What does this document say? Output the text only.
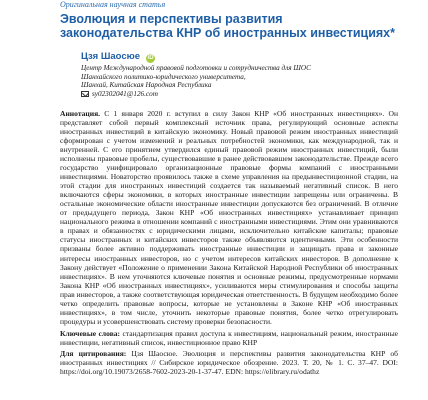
Оригинальная научная статья
Эволюция и перспективы развития законодательства КНР об иностранных инвестициях*
Цзя Шаосюе iD
Центр Международной правовой подготовки и сотрудничества для ШОС
Шанхайского политико-юридического университета,
Шанхай, Китайская Народная Республика
sy02302041@126.com
Аннотация. С 1 января 2020 г. вступил в силу Закон КНР «Об иностранных инвестициях». Он представляет собой первый комплексный источник права, регулирующий основные аспекты иностранных инвестиций в китайскую экономику. Новый правовой режим иностранных инвестиций сформирован с учетом изменений и реальных потребностей экономики, как международной, так и внутренней. С его принятием утвердился единый правовой режим иностранных инвестиций, были исполнены правовые пробелы, существовавшие в ранее действовавшем законодательстве. Прежде всего государство унифицировало организационные правовые формы компаний с иностранными инвестициями. Новаторство проявилось также в схеме управления на предынвестиционной стадии, на этой стадии для иностранных инвестиций создается так называемый негативный список. В него включаются сферы экономики, в которых иностранные инвестиции запрещены или ограничены. В остальные экономические области иностранные инвестиции допускаются без ограничений. В отличие от предыдущего периода, Закон КНР «Об иностранных инвестициях» устанавливает принцип национального режима в отношении компаний с иностранными инвестициями. Этим они уравниваются в правах и обязанностях с юридическими лицами, исключительно китайские капиталы; правовые статусы иностранных и китайских инвесторов также объявляются идентичными. Эти особенности призваны более активно поддерживать иностранные инвестиции и защищать права и законные интересы иностранных инвесторов, но с учетом интересов китайских инвесторов. В дополнение к Закону действует «Положение о применении Закона Китайской Народной Республики об иностранных инвестициях». В нем уточняются ключевые понятия и основные режимы, предусмотренные нормами Закона КНР «Об иностранных инвестициях», усиливаются меры стимулирования и способы защиты прав инвесторов, а также соответствующая юридическая ответственность. В будущем необходимо более четко определить правовые вопросы, которые не установлены в Законе КНР «Об иностранных инвестициях», в том числе, уточнить некоторые правовые понятия, более четко отрегулировать процедуры и усовершенствовать систему проверки безопасности.
Ключевые слова: стандартизация правил доступа к инвестициям, национальный режим, иностранные инвестиции, негативный список, инвестиционное право КНР
Для цитирования: Цзя Шаосюе. Эволюция и перспективы развития законодательства КНР об иностранных инвестициях // Сибирское юридическое обозрение. 2023. Т. 20, № 1. С. 37–47. DOI: https://doi.org/10.19073/2658-7602-2023-20-1-37-47. EDN: https://elibrary.ru/odathz
